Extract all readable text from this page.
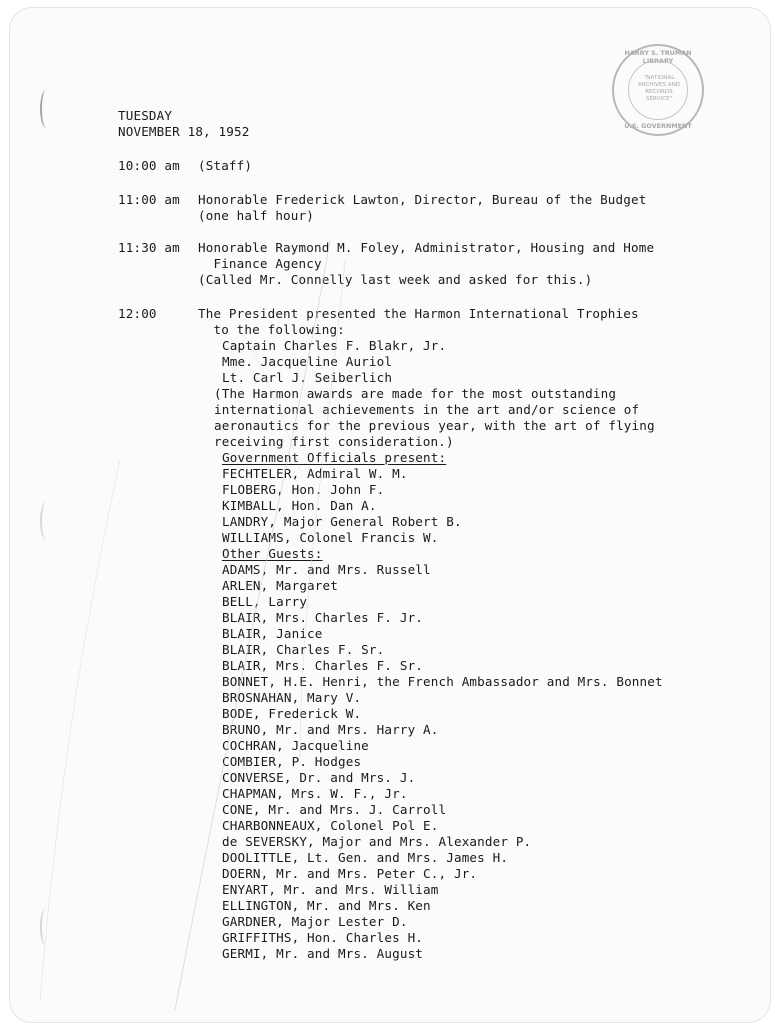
HARRY S. TRUMAN LIBRARY
"NATIONAL ARCHIVES AND RECORDS SERVICE"
U.S. GOVERNMENT
TUESDAY
NOVEMBER 18, 1952
10:00 am (Staff)
11:00 am Honorable Frederick Lawton, Director, Bureau of the Budget
(one half hour)
11:30 am Honorable Raymond M. Foley, Administrator, Housing and Home
Finance Agency
(Called Mr. Connelly last week and asked for this.)
12:00	The President presented the Harmon International Trophies
to the following:
Captain Charles F. Blakr, Jr.
Mme. Jacqueline Auriol
Lt. Carl J. Seiberlich
(The Harmon awards are made for the most outstanding
international achievements in the art and/or science of
aeronautics for the previous year, with the art of flying
receiving first consideration.)
Government Officials present:
FECHTELER, Admiral W. M.
FLOBERG, Hon. John F.
KIMBALL, Hon. Dan A.
LANDRY, Major General Robert B.
WILLIAMS, Colonel Francis W.
Other Guests:
ADAMS, Mr. and Mrs. Russell
ARLEN, Margaret
BELL, Larry
BLAIR, Mrs. Charles F. Jr.
BLAIR, Janice
BLAIR, Charles F. Sr.
BLAIR, Mrs. Charles F. Sr.
BONNET, H.E. Henri, the French Ambassador and Mrs. Bonnet
BROSNAHAN, Mary V.
BODE, Frederick W.
BRUNO, Mr. and Mrs. Harry A.
COCHRAN, Jacqueline
COMBIER, P. Hodges
CONVERSE, Dr. and Mrs. J.
CHAPMAN, Mrs. W. F., Jr.
CONE, Mr. and Mrs. J. Carroll
CHARBONNEAUX, Colonel Pol E.
de SEVERSKY, Major and Mrs. Alexander P.
DOOLITTLE, Lt. Gen. and Mrs. James H.
DOERN, Mr. and Mrs. Peter C., Jr.
ENYART, Mr. and Mrs. William
ELLINGTON, Mr. and Mrs. Ken
GARDNER, Major Lester D.
GRIFFITHS, Hon. Charles H.
GERMI, Mr. and Mrs. August
